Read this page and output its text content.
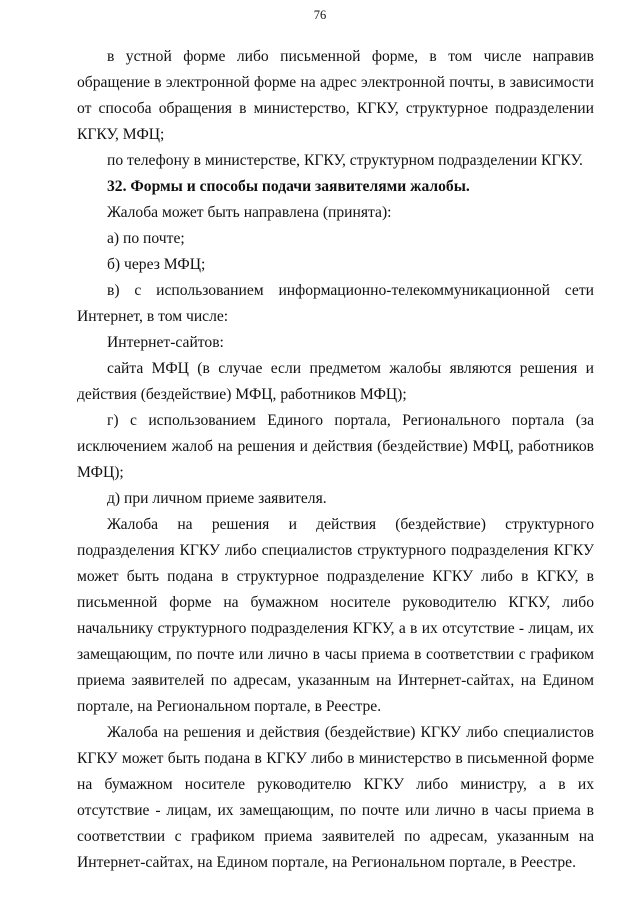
76

в устной форме либо письменной форме, в том числе направив обращение в электронной форме на адрес электронной почты, в зависимости от способа обращения в министерство, КГКУ, структурное подразделении КГКУ, МФЦ;

по телефону в министерстве, КГКУ, структурном подразделении КГКУ.

32. Формы и способы подачи заявителями жалобы.

Жалоба может быть направлена (принята):

а) по почте;

б) через МФЦ;

в) с использованием информационно-телекоммуникационной сети Интернет, в том числе:

Интернет-сайтов:

сайта МФЦ (в случае если предметом жалобы являются решения и действия (бездействие) МФЦ, работников МФЦ);

г) с использованием Единого портала, Регионального портала (за исключением жалоб на решения и действия (бездействие) МФЦ, работников МФЦ);

д) при личном приеме заявителя.

Жалоба на решения и действия (бездействие) структурного подразделения КГКУ либо специалистов структурного подразделения КГКУ может быть подана в структурное подразделение КГКУ либо в КГКУ, в письменной форме на бумажном носителе руководителю КГКУ, либо начальнику структурного подразделения КГКУ, а в их отсутствие - лицам, их замещающим, по почте или лично в часы приема в соответствии с графиком приема заявителей по адресам, указанным на Интернет-сайтах, на Едином портале, на Региональном портале, в Реестре.

Жалоба на решения и действия (бездействие) КГКУ либо специалистов КГКУ может быть подана в КГКУ либо в министерство в письменной форме на бумажном носителе руководителю КГКУ либо министру, а в их отсутствие - лицам, их замещающим, по почте или лично в часы приема в соответствии с графиком приема заявителей по адресам, указанным на Интернет-сайтах, на Едином портале, на Региональном портале, в Реестре.
